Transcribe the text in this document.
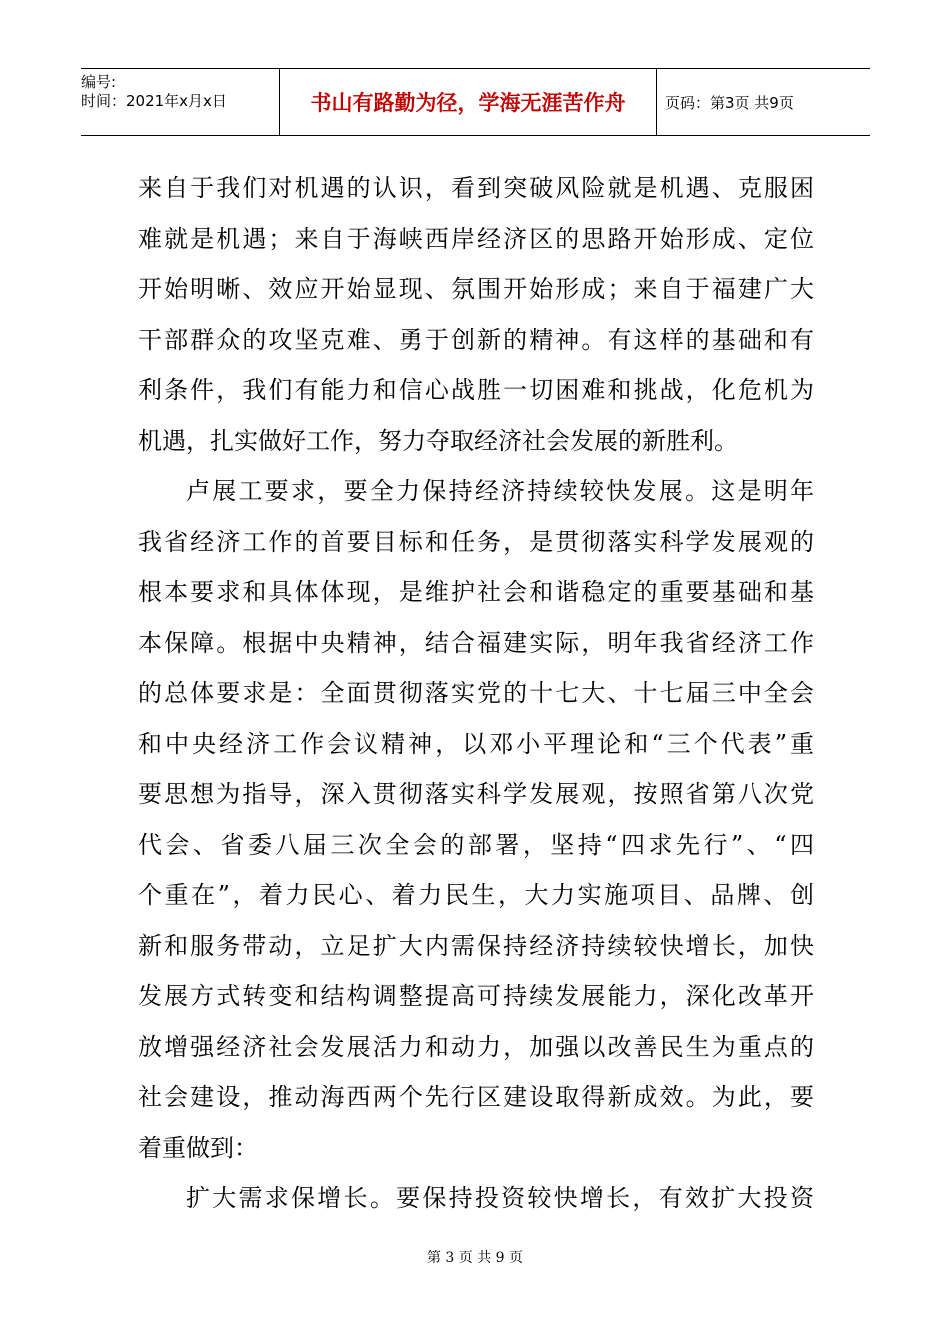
编号:
时间：2021年x月x日	书山有路勤为径，学海无涯苦作舟	页码：第3页 共9页
来自于我们对机遇的认识，看到突破风险就是机遇、克服困
难就是机遇；来自于海峡西岸经济区的思路开始形成、定位
开始明晰、效应开始显现、氛围开始形成；来自于福建广大
干部群众的攻坚克难、勇于创新的精神。有这样的基础和有
利条件，我们有能力和信心战胜一切困难和挑战，化危机为
机遇，扎实做好工作，努力夺取经济社会发展的新胜利。
卢展工要求，要全力保持经济持续较快发展。这是明年
我省经济工作的首要目标和任务，是贯彻落实科学发展观的
根本要求和具体体现，是维护社会和谐稳定的重要基础和基
本保障。根据中央精神，结合福建实际，明年我省经济工作
的总体要求是：全面贯彻落实党的十七大、十七届三中全会
和中央经济工作会议精神，以邓小平理论和“三个代表”重
要思想为指导，深入贯彻落实科学发展观，按照省第八次党
代会、省委八届三次全会的部署，坚持“四求先行”、“四
个重在”，着力民心、着力民生，大力实施项目、品牌、创
新和服务带动，立足扩大内需保持经济持续较快增长，加快
发展方式转变和结构调整提高可持续发展能力，深化改革开
放增强经济社会发展活力和动力，加强以改善民生为重点的
社会建设，推动海西两个先行区建设取得新成效。为此，要
着重做到：
扩大需求保增长。要保持投资较快增长，有效扩大投资
第 3 页 共 9 页
